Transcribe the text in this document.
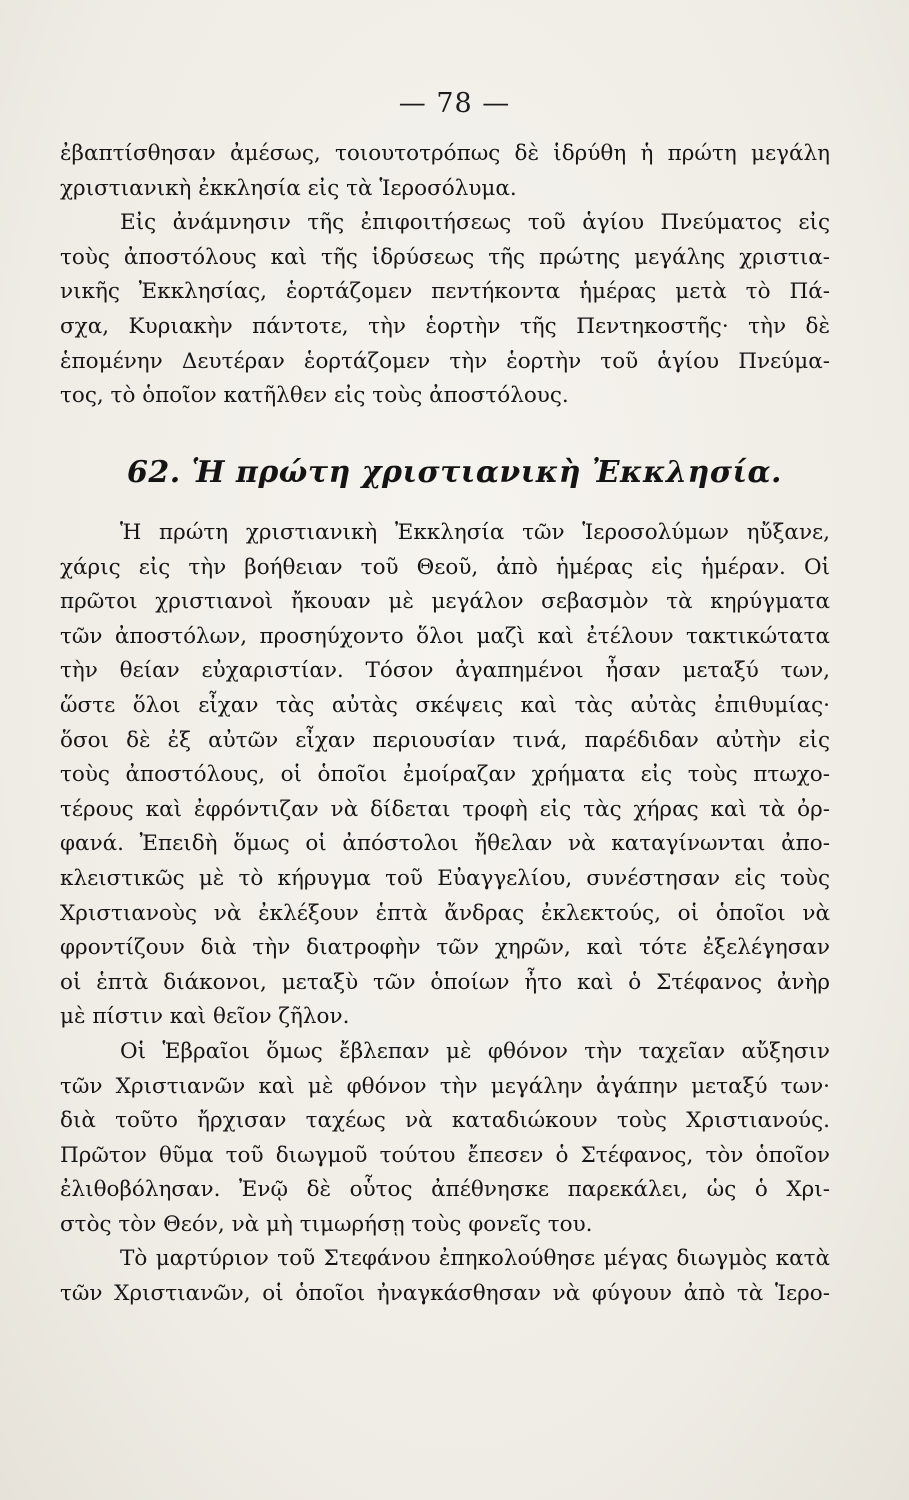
— 78 —
ἐβαπτίσθησαν ἀμέσως, τοιουτοτρόπως δὲ ἱδρύθη ἡ πρώτη μεγάλη
χριστιανικὴ ἐκκλησία εἰς τὰ Ἱεροσόλυμα.
Εἰς ἀνάμνησιν τῆς ἐπιφοιτήσεως τοῦ ἁγίου Πνεύματος εἰς
τοὺς ἀποστόλους καὶ τῆς ἱδρύσεως τῆς πρώτης μεγάλης χριστια-
νικῆς Ἐκκλησίας, ἑορτάζομεν πεντήκοντα ἡμέρας μετὰ τὸ Πά-
σχα, Κυριακὴν πάντοτε, τὴν ἑορτὴν τῆς Πεντηκοστῆς· τὴν δὲ
ἑπομένην Δευτέραν ἑορτάζομεν τὴν ἑορτὴν τοῦ ἁγίου Πνεύμα-
τος, τὸ ὁποῖον κατῆλθεν εἰς τοὺς ἀποστόλους.
62. Ἡ πρώτη χριστιανικὴ Ἐκκλησία.
Ἡ πρώτη χριστιανικὴ Ἐκκλησία τῶν Ἱεροσολύμων ηὔξανε,
χάρις εἰς τὴν βοήθειαν τοῦ Θεοῦ, ἀπὸ ἡμέρας εἰς ἡμέραν. Οἱ
πρῶτοι χριστιανοὶ ἤκουαν μὲ μεγάλον σεβασμὸν τὰ κηρύγματα
τῶν ἀποστόλων, προσηύχοντο ὅλοι μαζὶ καὶ ἐτέλουν τακτικώτατα
τὴν θείαν εὐχαριστίαν. Τόσον ἀγαπημένοι ἦσαν μεταξύ των,
ὥστε ὅλοι εἶχαν τὰς αὐτὰς σκέψεις καὶ τὰς αὐτὰς ἐπιθυμίας·
ὅσοι δὲ ἐξ αὐτῶν εἶχαν περιουσίαν τινά, παρέδιδαν αὐτὴν εἰς
τοὺς ἀποστόλους, οἱ ὁποῖοι ἐμοίραζαν χρήματα εἰς τοὺς πτωχο-
τέρους καὶ ἐφρόντιζαν νὰ δίδεται τροφὴ εἰς τὰς χήρας καὶ τὰ ὀρ-
φανά. Ἐπειδὴ ὅμως οἱ ἀπόστολοι ἤθελαν νὰ καταγίνωνται ἀπο-
κλειστικῶς μὲ τὸ κήρυγμα τοῦ Εὐαγγελίου, συνέστησαν εἰς τοὺς
Χριστιανοὺς νὰ ἐκλέξουν ἑπτὰ ἄνδρας ἐκλεκτούς, οἱ ὁποῖοι νὰ
φροντίζουν διὰ τὴν διατροφὴν τῶν χηρῶν, καὶ τότε ἐξελέγησαν
οἱ ἑπτὰ διάκονοι, μεταξὺ τῶν ὁποίων ἦτο καὶ ὁ Στέφανος ἀνὴρ
μὲ πίστιν καὶ θεῖον ζῆλον.
Οἱ Ἑβραῖοι ὅμως ἔβλεπαν μὲ φθόνον τὴν ταχεῖαν αὔξησιν
τῶν Χριστιανῶν καὶ μὲ φθόνον τὴν μεγάλην ἀγάπην μεταξύ των·
διὰ τοῦτο ἤρχισαν ταχέως νὰ καταδιώκουν τοὺς Χριστιανούς.
Πρῶτον θῦμα τοῦ διωγμοῦ τούτου ἔπεσεν ὁ Στέφανος, τὸν ὁποῖον
ἐλιθοβόλησαν. Ἐνῷ δὲ οὗτος ἀπέθνησκε παρεκάλει, ὡς ὁ Χρι-
στὸς τὸν Θεόν, νὰ μὴ τιμωρήσῃ τοὺς φονεῖς του.
Τὸ μαρτύριον τοῦ Στεφάνου ἐπηκολούθησε μέγας διωγμὸς κατὰ
τῶν Χριστιανῶν, οἱ ὁποῖοι ἠναγκάσθησαν νὰ φύγουν ἀπὸ τὰ Ἱερο-
